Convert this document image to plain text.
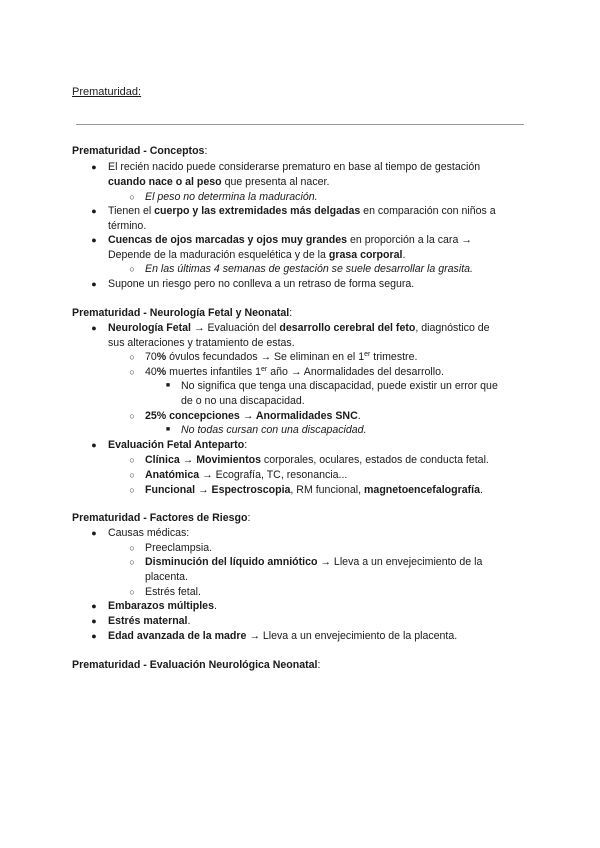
Prematuridad:
Prematuridad - Conceptos:
●	El recién nacido puede considerarse prematuro en base al tiempo de gestación
cuando nace o al peso que presenta al nacer.
○ El peso no determina la maduración.
●	Tienen el cuerpo y las extremidades más delgadas en comparación con niños a
término.
●	Cuencas de ojos marcadas y ojos muy grandes en proporción a la cara →
Depende de la maduración esquelética y de la grasa corporal.
○ En las últimas 4 semanas de gestación se suele desarrollar la grasita.
●	Supone un riesgo pero no conlleva a un retraso de forma segura.
Prematuridad - Neurología Fetal y Neonatal:
●	Neurología Fetal → Evaluación del desarrollo cerebral del feto, diagnóstico de
sus alteraciones y tratamiento de estas.
○ 70% óvulos fecundados → Se eliminan en el 1er trimestre.
○ 40% muertes infantiles 1er año → Anormalidades del desarrollo.
■	No significa que tenga una discapacidad, puede existir un error que
de o no una discapacidad.
○ 25% concepciones → Anormalidades SNC.
■	No todas cursan con una discapacidad.
●	Evaluación Fetal Anteparto:
○ Clínica → Movimientos corporales, oculares, estados de conducta fetal.
○ Anatómica → Ecografía, TC, resonancia...
○ Funcional → Espectroscopia, RM funcional, magnetoencefalografía.
Prematuridad - Factores de Riesgo:
●	Causas médicas:
○ Preeclampsia.
○ Disminución del líquido amniótico → Lleva a un envejecimiento de la
placenta.
○ Estrés fetal.
●	Embarazos múltiples.
●	Estrés maternal.
●	Edad avanzada de la madre → Lleva a un envejecimiento de la placenta.
Prematuridad - Evaluación Neurológica Neonatal:
